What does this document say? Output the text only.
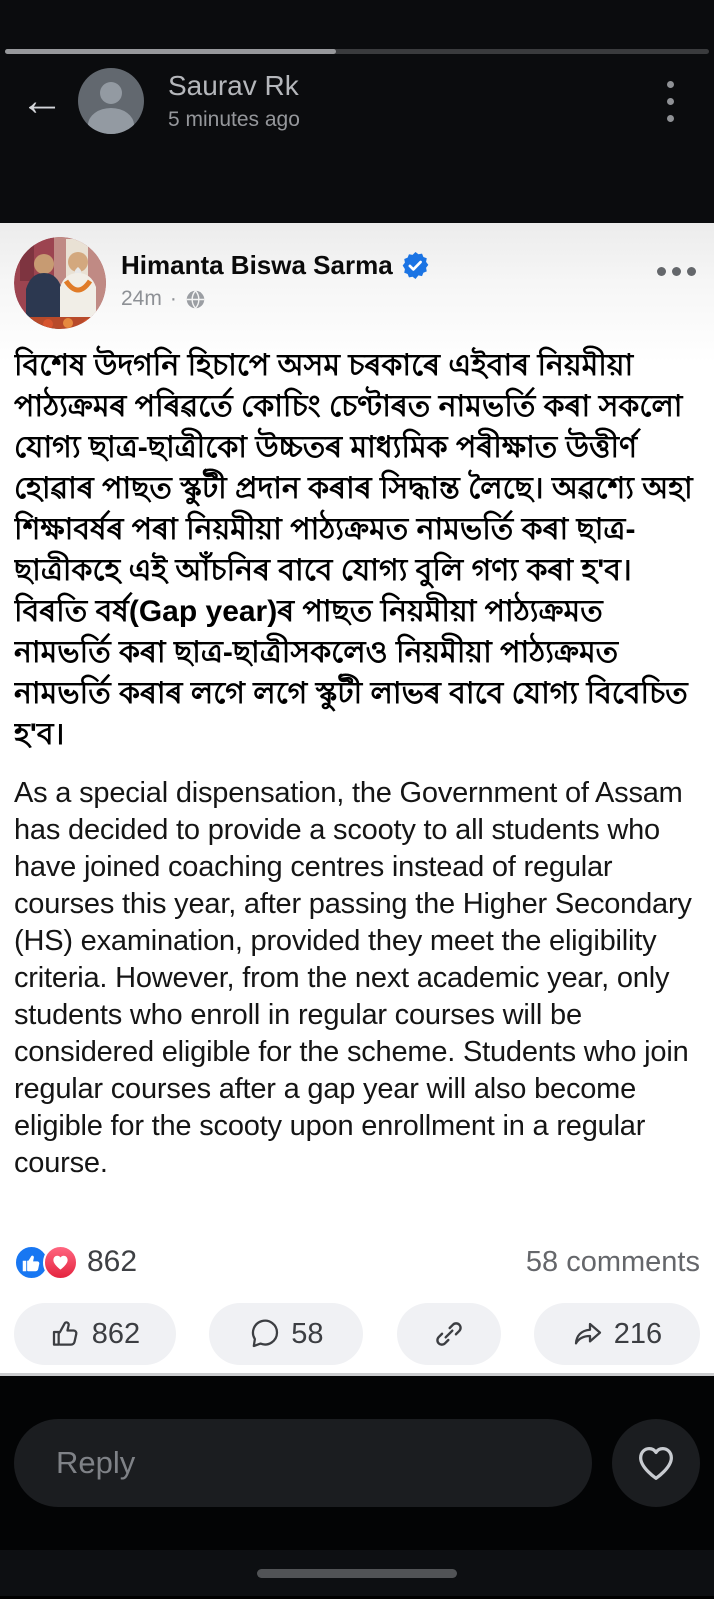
←	Saurav Rk
5 minutes ago
Himanta Biswa Sarma
24m ·
বিশেষ উদগনি হিচাপে অসম চৰকাৰে এইবাৰ নিয়মীয়া পাঠ্যক্ৰমৰ পৰিৱৰ্তে কোচিং চেণ্টাৰত নামভৰ্তি কৰা সকলো যোগ্য ছাত্ৰ-ছাত্ৰীকো উচ্চতৰ মাধ্যমিক পৰীক্ষাত উত্তীৰ্ণ হোৱাৰ পাছত স্কুটী প্ৰদান কৰাৰ সিদ্ধান্ত লৈছে। অৱশ্যে অহা শিক্ষাবৰ্ষৰ পৰা নিয়মীয়া পাঠ্যক্ৰমত নামভৰ্তি কৰা ছাত্ৰ-ছাত্ৰীকহে এই আঁচনিৰ বাবে যোগ্য বুলি গণ্য কৰা হ'ব। বিৰতি বৰ্ষ(Gap year)ৰ পাছত নিয়মীয়া পাঠ্যক্ৰমত নামভৰ্তি কৰা ছাত্ৰ-ছাত্ৰীসকলেও নিয়মীয়া পাঠ্যক্ৰমত নামভৰ্তি কৰাৰ লগে লগে স্কুটী লাভৰ বাবে যোগ্য বিবেচিত হ'ব।
As a special dispensation, the Government of Assam has decided to provide a scooty to all students who have joined coaching centres instead of regular courses this year, after passing the Higher Secondary (HS) examination, provided they meet the eligibility criteria. However, from the next academic year, only students who enroll in regular courses will be considered eligible for the scheme. Students who join regular courses after a gap year will also become eligible for the scooty upon enrollment in a regular course.
862	58 comments
862	58	216
Reply
